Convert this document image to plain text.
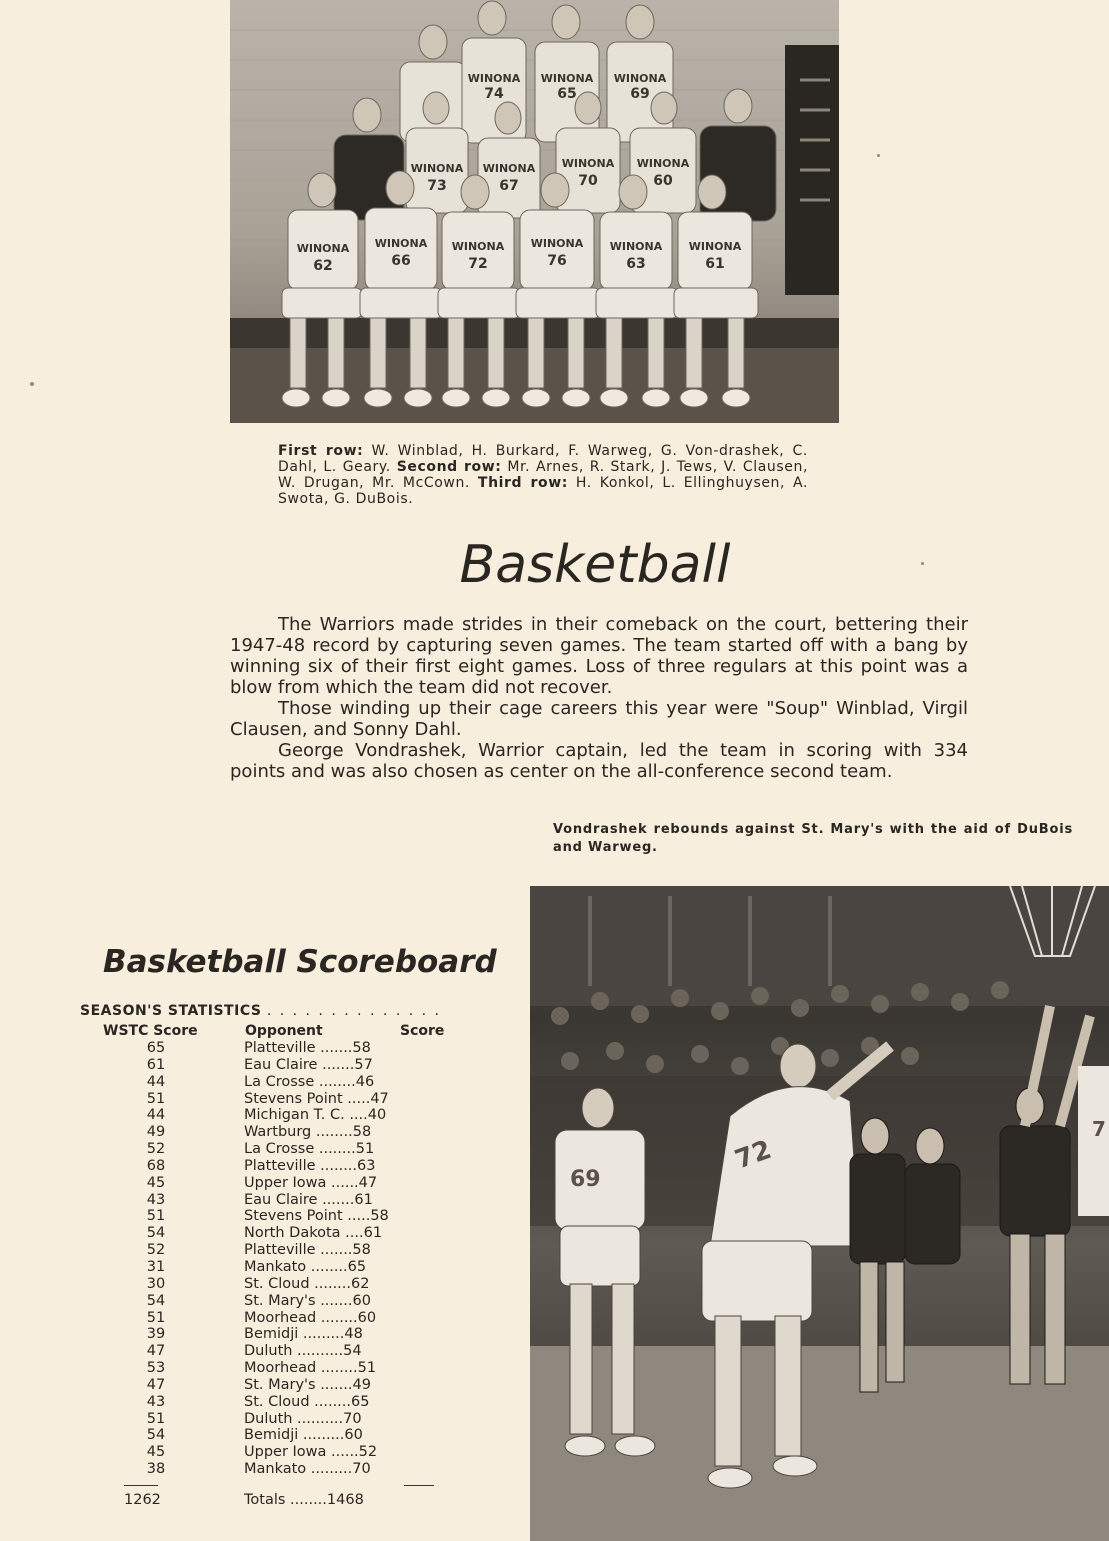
WINONA
74
WINONA
65
WINONA
69
WINONA
73
WINONA
67
WINONA
70
WINONA
60
WINONA
62
WINONA
66
WINONA
72
WINONA
76
WINONA
63
WINONA
61
First row: W. Winblad, H. Burkard, F. Warweg, G. Von-drashek, C. Dahl, L. Geary. Second row: Mr. Arnes, R. Stark, J. Tews, V. Clausen, W. Drugan, Mr. McCown. Third row: H. Konkol, L. Ellinghuysen, A. Swota, G. DuBois.
Basketball

The Warriors made strides in their comeback on the court, bettering their 1947-48 record by capturing seven games. The team started off with a bang by winning six of their first eight games. Loss of three regulars at this point was a blow from which the team did not recover.

Those winding up their cage careers this year were "Soup" Winblad, Virgil Clausen, and Sonny Dahl.

George Vondrashek, Warrior captain, led the team in scoring with 334 points and was also chosen as center on the all-conference second team.

Vondrashek rebounds against St. Mary's with the aid of DuBois and Warweg.
69
72
7
Basketball Scoreboard
SEASON'S STATISTICS . . . . . . . . . . . . . .
WSTC Score	Opponent	Score
65	Platteville .......58
61	Eau Claire .......57
44	La Crosse ........46
51	Stevens Point .....47
44	Michigan T. C. ....40
49	Wartburg ........58
52	La Crosse ........51
68	Platteville ........63
45	Upper Iowa ......47
43	Eau Claire .......61
51	Stevens Point .....58
54	North Dakota ....61
52	Platteville .......58
31	Mankato ........65
30	St. Cloud ........62
54	St. Mary's .......60
51	Moorhead ........60
39	Bemidji .........48
47	Duluth ..........54
53	Moorhead ........51
47	St. Mary's .......49
43	St. Cloud ........65
51	Duluth ..........70
54	Bemidji .........60
45	Upper Iowa ......52
38	Mankato .........70
1262	Totals ........1468
